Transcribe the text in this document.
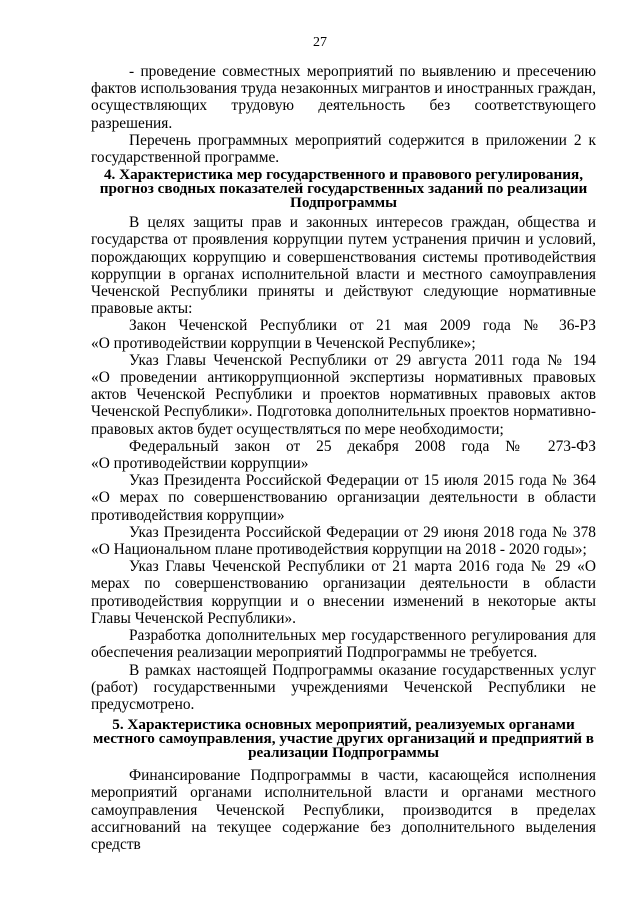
27

- проведение совместных мероприятий по выявлению и пресечению фактов использования труда незаконных мигрантов и иностранных граждан, осуществляющих трудовую деятельность без соответствующего разрешения.

Перечень программных мероприятий содержится в приложении 2 к государственной программе.

4. Характеристика мер государственного и правового регулирования,
прогноз сводных показателей государственных заданий по реализации
Подпрограммы

В целях защиты прав и законных интересов граждан, общества и государства от проявления коррупции путем устранения причин и условий, порождающих коррупцию и совершенствования системы противодействия коррупции в органах исполнительной власти и местного самоуправления Чеченской Республики приняты и действуют следующие нормативные правовые акты:

Закон Чеченской Республики от 21 мая 2009 года № 36-РЗ

«О противодействии коррупции в Чеченской Республике»;

Указ Главы Чеченской Республики от 29 августа 2011 года № 194

«О проведении антикоррупционной экспертизы нормативных правовых актов Чеченской Республики и проектов нормативных правовых актов Чеченской Республики». Подготовка дополнительных проектов нормативно-правовых актов будет осуществляться по мере необходимости;

Федеральный закон от 25 декабря 2008 года № 273-ФЗ

«О противодействии коррупции»

Указ Президента Российской Федерации от 15 июля 2015 года № 364

«О мерах по совершенствованию организации деятельности в области противодействия коррупции»

Указ Президента Российской Федерации от 29 июня 2018 года № 378

«О Национальном плане противодействия коррупции на 2018 - 2020 годы»;

Указ Главы Чеченской Республики от 21 марта 2016 года № 29 «О мерах по совершенствованию организации деятельности в области противодействия коррупции и о внесении изменений в некоторые акты Главы Чеченской Республики».

Разработка дополнительных мер государственного регулирования для обеспечения реализации мероприятий Подпрограммы не требуется.

В рамках настоящей Подпрограммы оказание государственных услуг (работ) государственными учреждениями Чеченской Республики не предусмотрено.

5. Характеристика основных мероприятий, реализуемых органами
местного самоуправления, участие других организаций и предприятий в
реализации Подпрограммы

Финансирование Подпрограммы в части, касающейся исполнения мероприятий органами исполнительной власти и органами местного самоуправления Чеченской Республики, производится в пределах ассигнований на текущее содержание без дополнительного выделения средств
